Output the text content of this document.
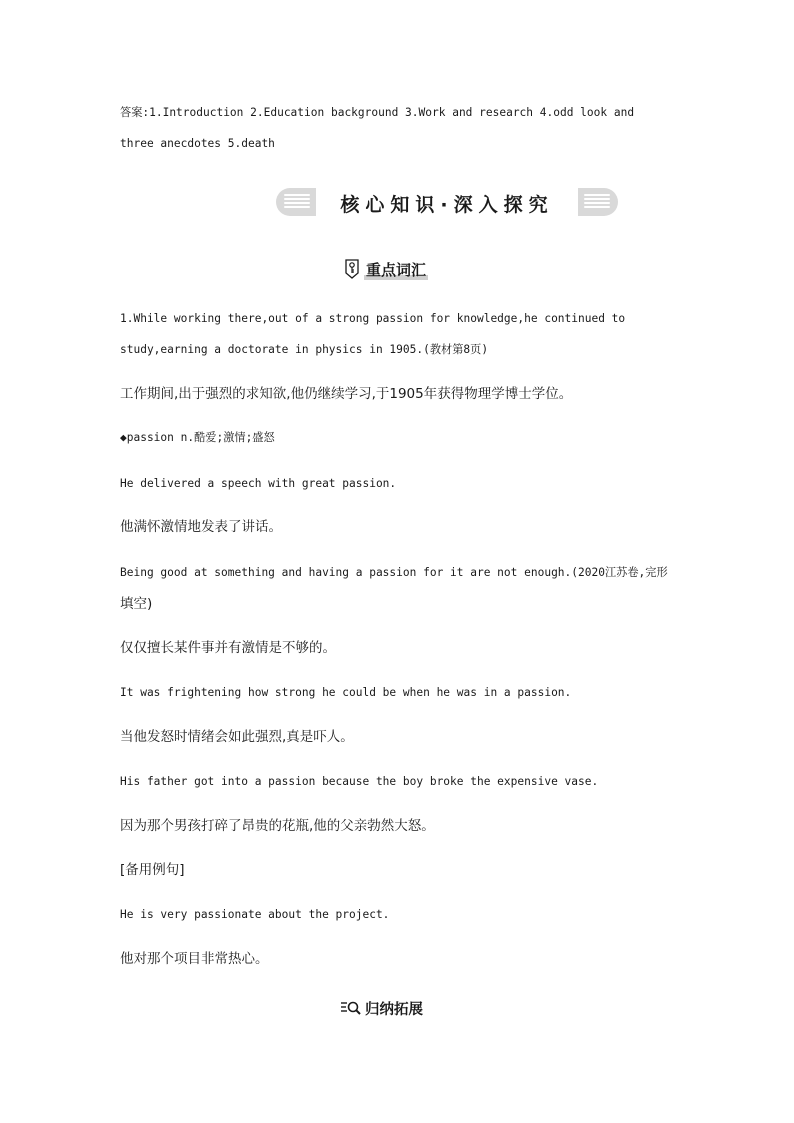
答案:1.Introduction 2.Education background 3.Work and research 4.odd look and
three anecdotes 5.death
核心知识·深入探究
重点词汇
1.While working there,out of a strong passion for knowledge,he continued to
study,earning a doctorate in physics in 1905.(教材第8页)
工作期间,出于强烈的求知欲,他仍继续学习,于1905年获得物理学博士学位。
◆passion n.酷爱;激情;盛怒
He delivered a speech with great passion.
他满怀激情地发表了讲话。
Being good at something and having a passion for it are not enough.(2020江苏卷,完形
填空)
仅仅擅长某件事并有激情是不够的。
It was frightening how strong he could be when he was in a passion.
当他发怒时情绪会如此强烈,真是吓人。
His father got into a passion because the boy broke the expensive vase.
因为那个男孩打碎了昂贵的花瓶,他的父亲勃然大怒。
[备用例句]
He is very passionate about the project.
他对那个项目非常热心。
归纳拓展
